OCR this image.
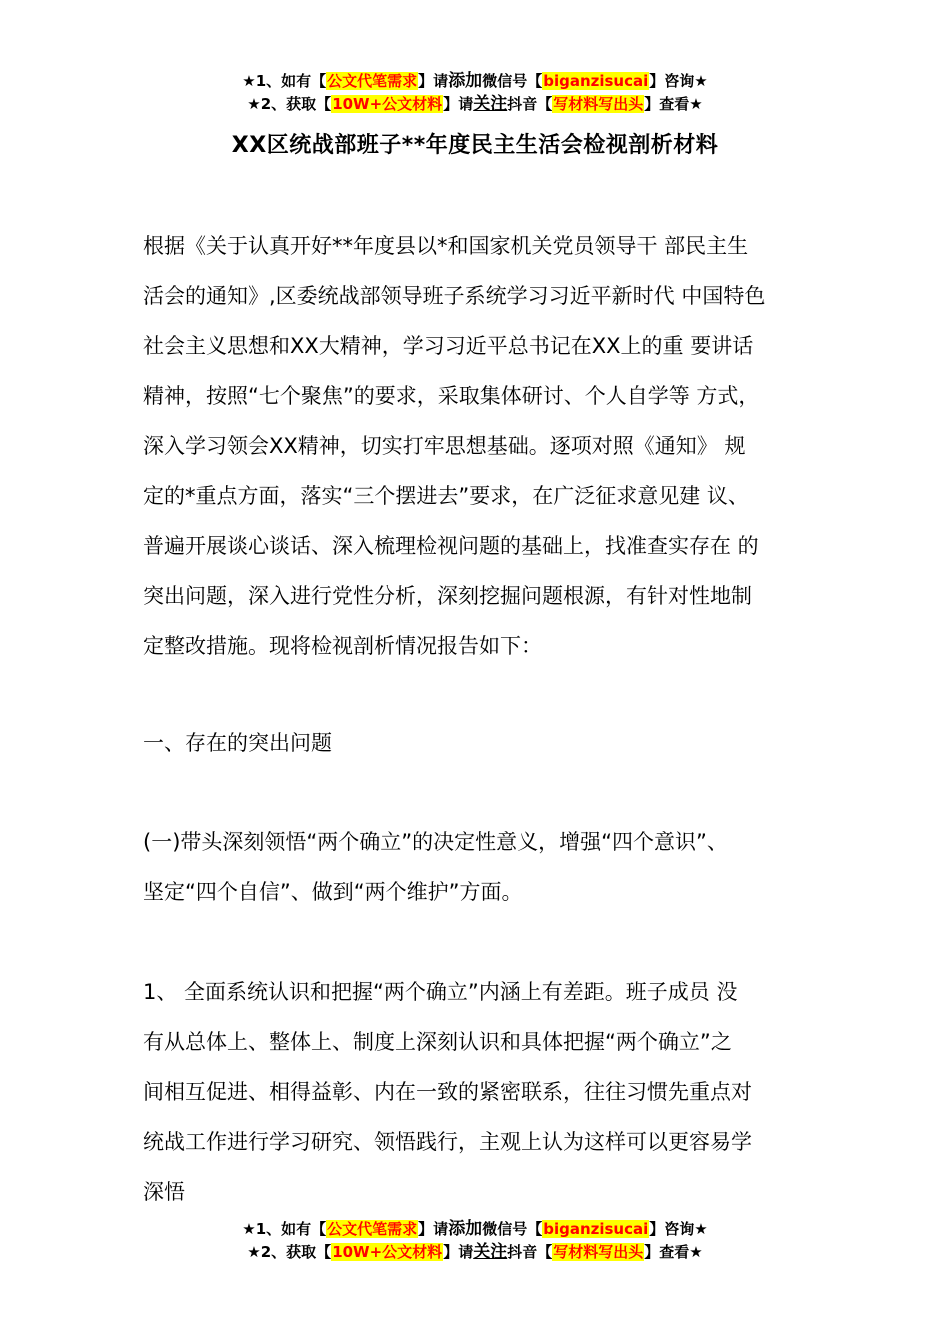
★1、如有【公文代笔需求】请添加微信号【biganzisucai】咨询★
★2、获取【10W+公文材料】请关注抖音【写材料写出头】查看★
XX区统战部班子**年度民主生活会检视剖析材料
根据《关于认真开好**年度县以*和国家机关党员领导干 部民主生
活会的通知》,区委统战部领导班子系统学习习近平新时代 中国特色
社会主义思想和XX大精神，学习习近平总书记在XX上的重 要讲话
精神，按照“七个聚焦”的要求，采取集体研讨、个人自学等 方式，
深入学习领会XX精神，切实打牢思想基础。逐项对照《通知》 规
定的*重点方面，落实“三个摆进去”要求，在广泛征求意见建 议、
普遍开展谈心谈话、深入梳理检视问题的基础上，找准查实存在 的
突出问题，深入进行党性分析，深刻挖掘问题根源，有针对性地制
定整改措施。现将检视剖析情况报告如下：
一、存在的突出问题
(一)带头深刻领悟“两个确立”的决定性意义，增强“四个意识”、
坚定“四个自信”、做到“两个维护”方面。
1、 全面系统认识和把握“两个确立”内涵上有差距。班子成员 没
有从总体上、整体上、制度上深刻认识和具体把握“两个确立”之
间相互促进、相得益彰、内在一致的紧密联系，往往习惯先重点对
统战工作进行学习研究、领悟践行，主观上认为这样可以更容易学
深悟
★1、如有【公文代笔需求】请添加微信号【biganzisucai】咨询★
★2、获取【10W+公文材料】请关注抖音【写材料写出头】查看★
